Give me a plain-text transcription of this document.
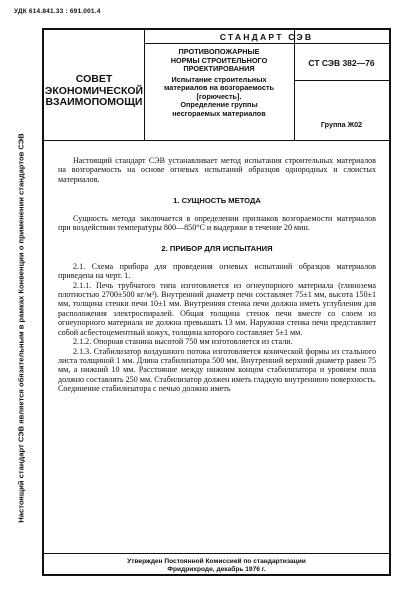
УДК 614.841.33 : 691.001.4
Настоящий стандарт СЭВ является обязательным в рамках Конвенции о применении стандартов СЭВ
СОВЕТ
ЭКОНОМИЧЕСКОЙ
ВЗАИМОПОМОЩИ
ПРОТИВОПОЖАРНЫЕ
НОРМЫ СТРОИТЕЛЬНОГО
ПРОЕКТИРОВАНИЯ
Испытание строительных
материалов на возгораемость
[горючесть].
Определение группы
несгораемых материалов
СТАНДАРТ СЭВ
СТ СЭВ 382—76
Группа Ж02

Настоящий стандарт СЭВ устанавливает метод испытания строительных материалов на возгораемость на основе огневых испытаний образцов однородных и слоистых материалов.

1. СУЩНОСТЬ МЕТОДА

Сущность метода заключается в определении признаков возгораемости материалов при воздействии температуры 800—850°С и выдержке в течение 20 мин.

2. ПРИБОР ДЛЯ ИСПЫТАНИЯ

2.1. Схема прибора для проведения огневых испытаний образцов материалов приведена на черт. 1.

2.1.1. Печь трубчатого типа изготовляется из огнеупорного материала (глинозема плотностью 2700±500 кг/м³). Внутренний диаметр печи составляет 75±1 мм, высота 150±1 мм, толщина стенки печи 10±1 мм. Внутренняя стенка печи должна иметь углубления для расположения электроспиралей. Общая толщина стенок печи вместе со слоем из огнеупорного материала не должна превышать 13 мм. Наружная стенка печи представляет собой асбестоцементный кожух, толщина которого составляет 5±1 мм.

2.1.2. Опорная станина высотой 750 мм изготовляется из стали.

2.1.3. Стабилизатор воздушного потока изготовляется конической формы из стального листа толщиной 1 мм. Длина стабилизатора 500 мм. Внутренний верхний диаметр равен 75 мм, а нижний 10 мм. Расстояние между нижним концом стабилизатора и уровнем пола должно составлять 250 мм. Стабилизатор должен иметь гладкую внутреннюю поверхность. Соединение стабилизатора с печью должно иметь

Утвержден Постоянной Комиссией по стандартизации
Фридрихроде, декабрь 1976 г.
